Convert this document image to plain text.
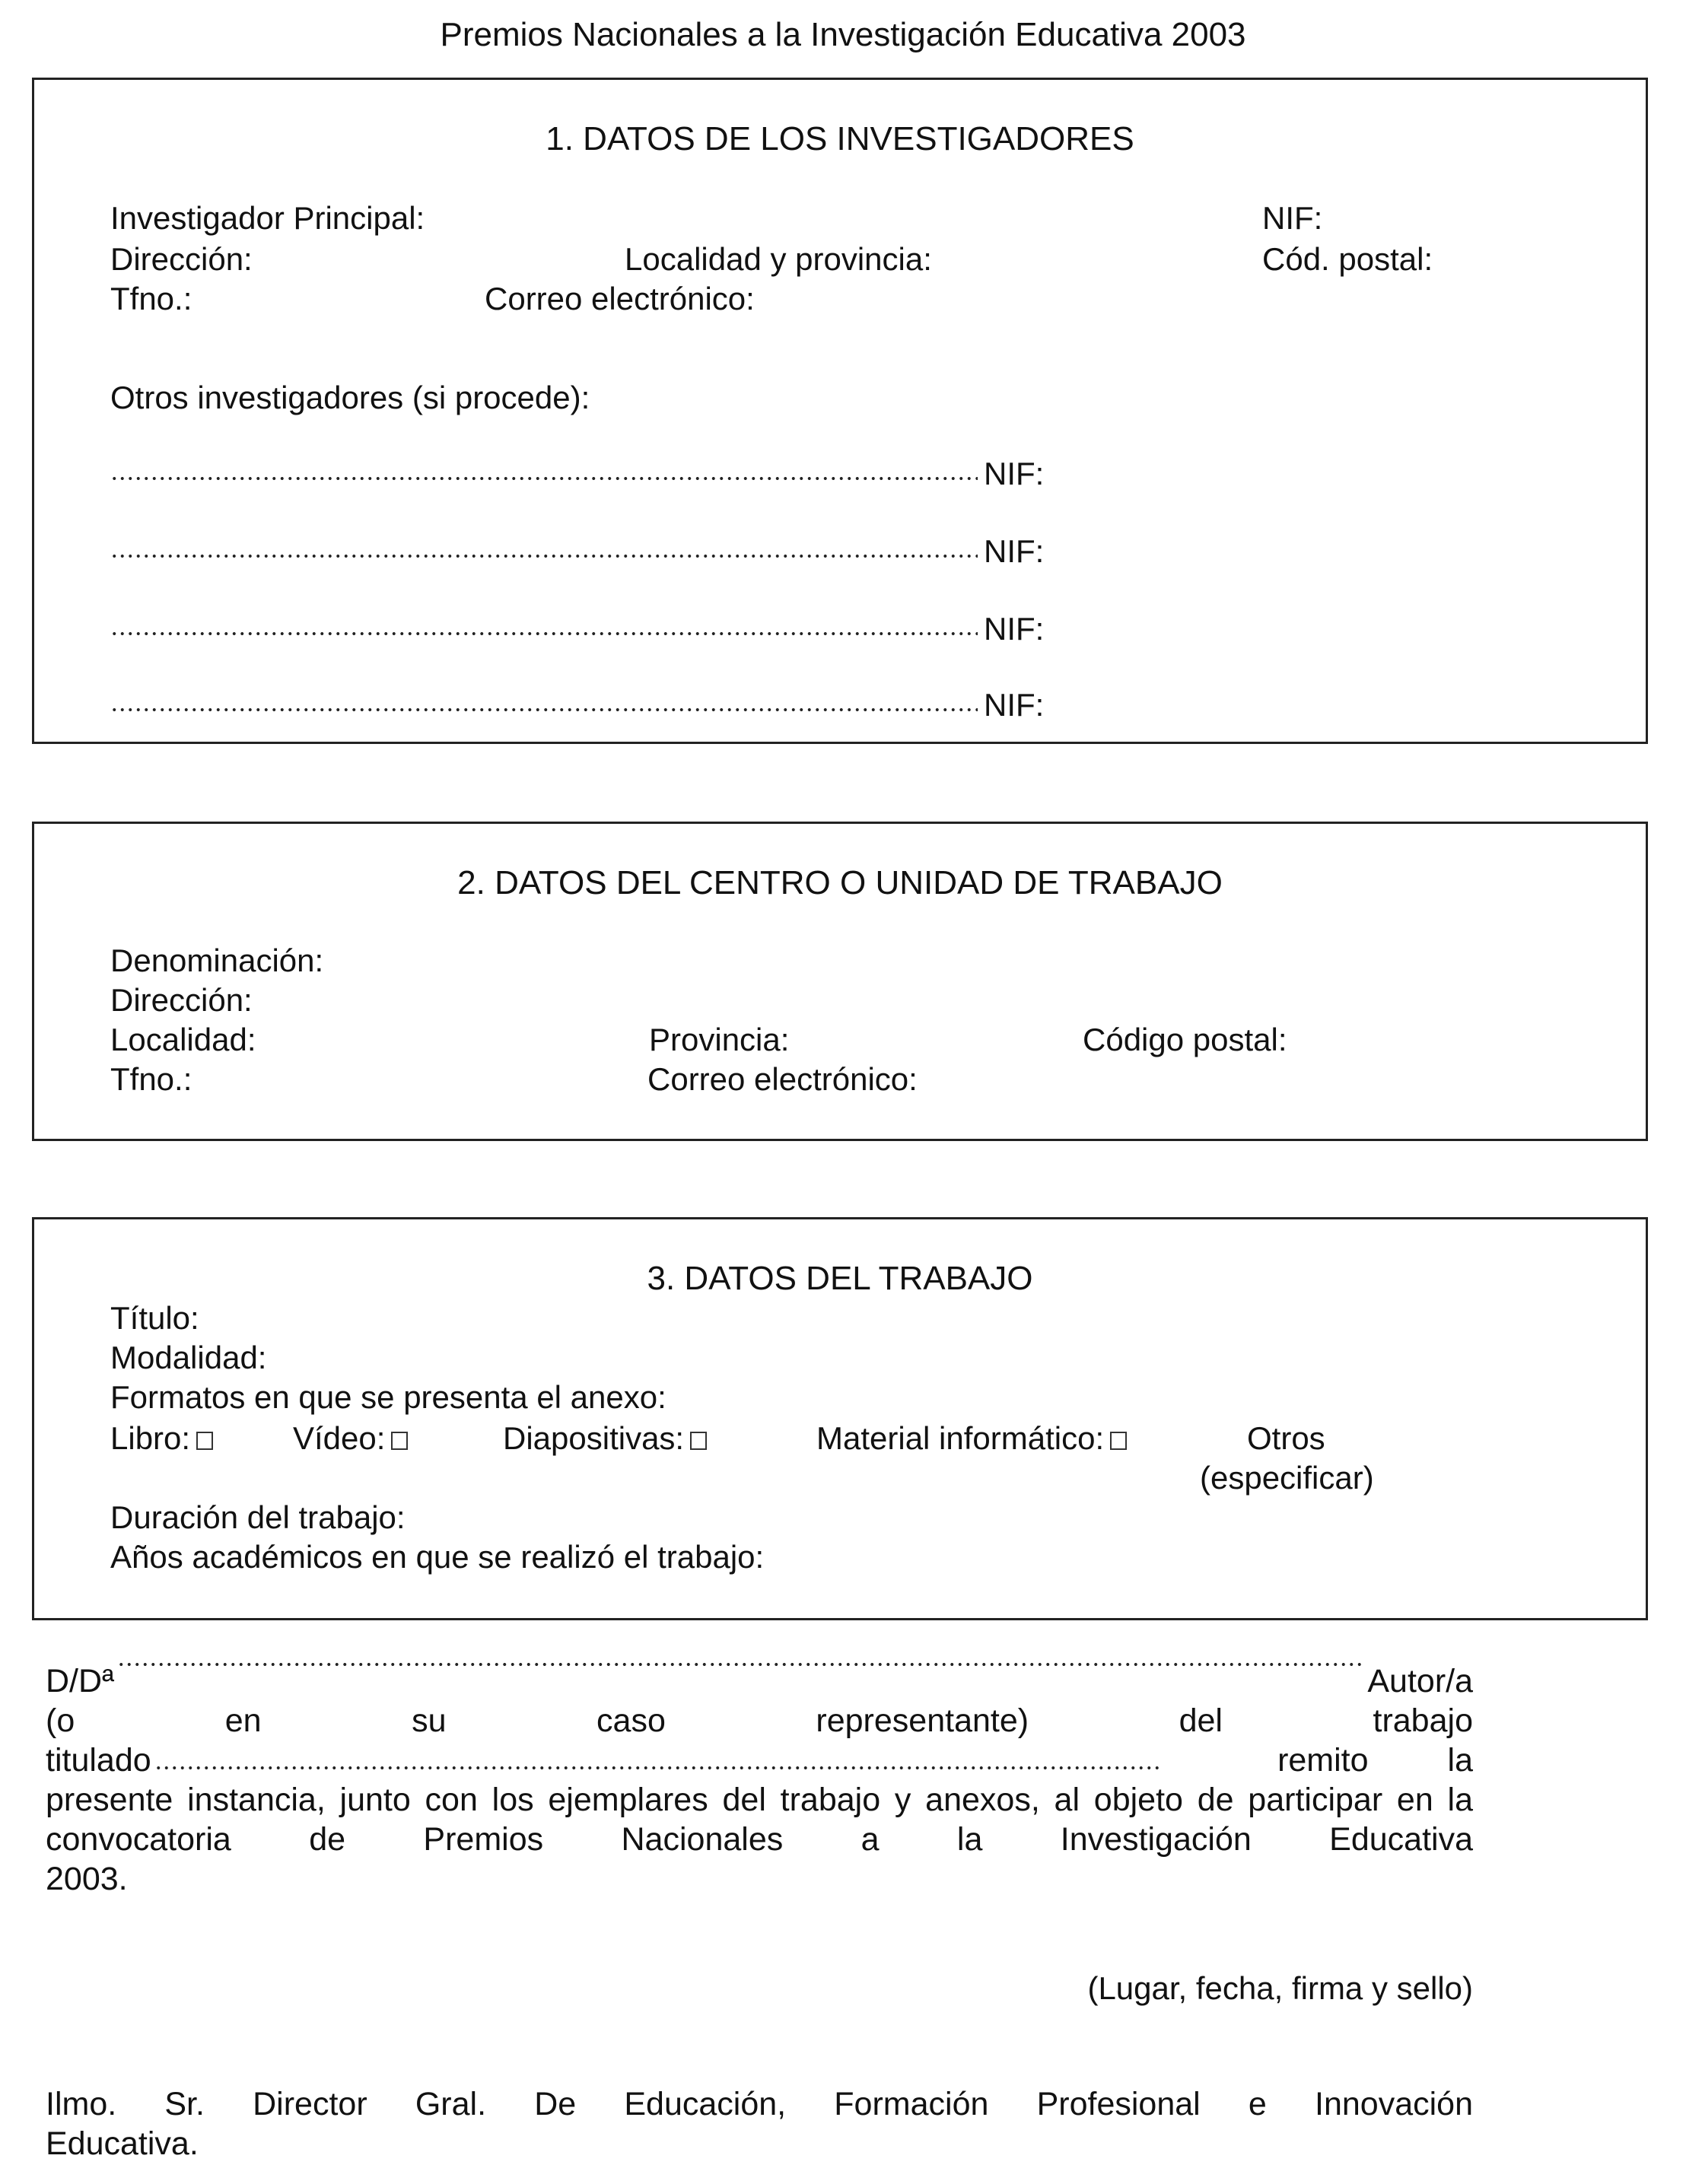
Premios Nacionales a la Investigación Educativa 2003
1. DATOS DE LOS INVESTIGADORES
Investigador Principal:	NIF:
Dirección:	Localidad y provincia:	Cód. postal:
Tfno.:	Correo electrónico:
Otros investigadores (si procede):
NIF:
NIF:
NIF:
NIF:
2. DATOS DEL CENTRO O UNIDAD DE TRABAJO
Denominación:
Dirección:
Localidad:	Provincia:	Código postal:
Tfno.:	Correo electrónico:
3. DATOS DEL TRABAJO
Título:
Modalidad:
Formatos en que se presenta el anexo:
Libro:	Vídeo:	Diapositivas:	Material informático:	Otros
(especificar)
Duración del trabajo:
Años académicos en que se realizó el trabajo:
D/Dª	Autor/a
(o	en	su	caso	representante)	del	trabajo
titulado	remito la
presente instancia, junto con los ejemplares del trabajo y anexos, al objeto de participar en la convocatoria de Premios Nacionales a la Investigación Educativa
2003.
(Lugar, fecha, firma y sello)
Ilmo. Sr. Director Gral. De Educación, Formación Profesional e Innovación
Educativa.
